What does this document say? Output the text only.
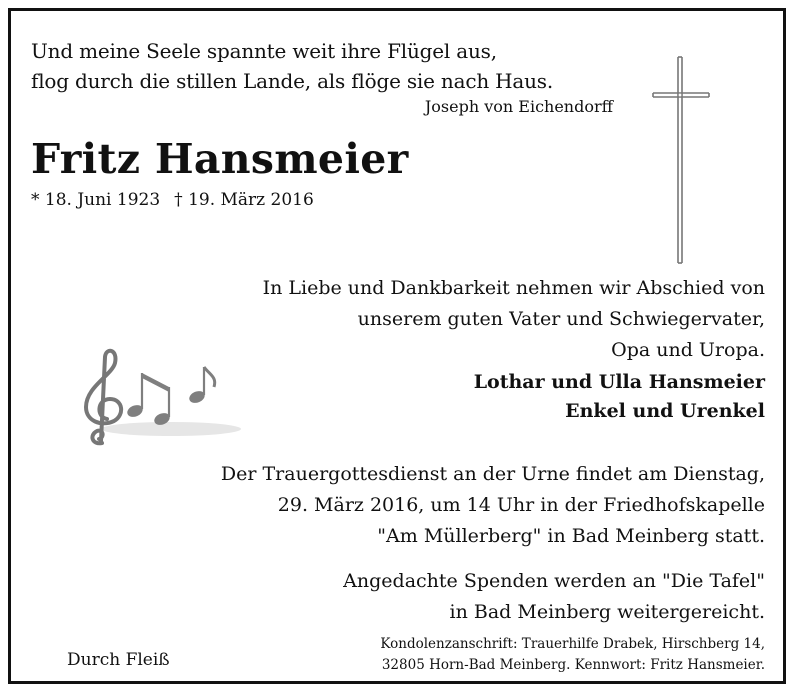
Und meine Seele spannte weit ihre Flügel aus,
flog durch die stillen Lande, als flöge sie nach Haus.
Joseph von Eichendorff
Fritz Hansmeier
* 18. Juni 1923 † 19. März 2016
In Liebe und Dankbarkeit nehmen wir Abschied von
unserem guten Vater und Schwiegervater,
Opa und Uropa.
Lothar und Ulla Hansmeier
Enkel und Urenkel
Der Trauergottesdienst an der Urne findet am Dienstag,
29. März 2016, um 14 Uhr in der Friedhofskapelle
"Am Müllerberg" in Bad Meinberg statt.
Angedachte Spenden werden an "Die Tafel"
in Bad Meinberg weitergereicht.
Durch Fleiß
Kondolenzanschrift: Trauerhilfe Drabek, Hirschberg 14,
32805 Horn-Bad Meinberg. Kennwort: Fritz Hansmeier.
